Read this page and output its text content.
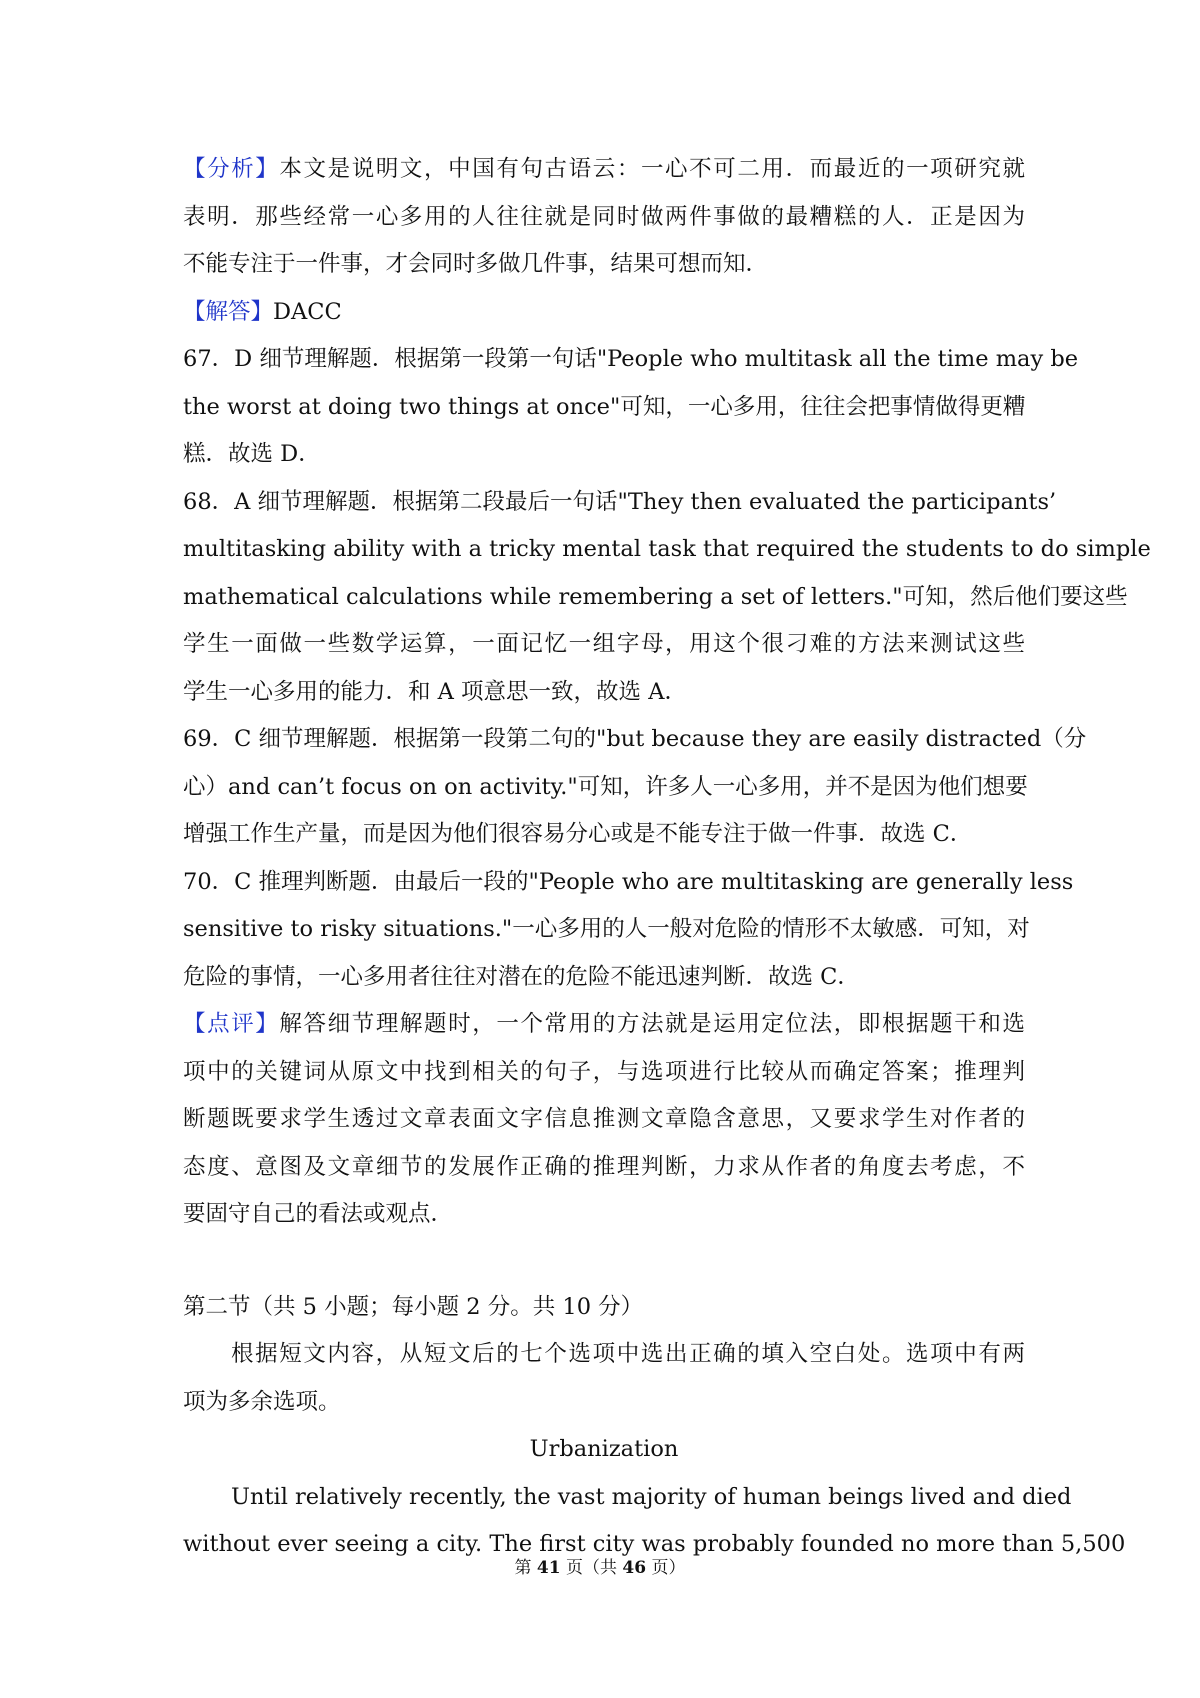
【分析】本文是说明文，中国有句古语云：一心不可二用．而最近的一项研究就
表明．那些经常一心多用的人往往就是同时做两件事做的最糟糕的人．正是因为
不能专注于一件事，才会同时多做几件事，结果可想而知．
【解答】DACC
67．D 细节理解题．根据第一段第一句话"People who multitask all the time may be
the worst at doing two things at once"可知，一心多用，往往会把事情做得更糟
糕．故选 D．
68．A 细节理解题．根据第二段最后一句话"They then evaluated the participants’
multitasking ability with a tricky mental task that required the students to do simple
mathematical calculations while remembering a set of letters."可知，然后他们要这些
学生一面做一些数学运算，一面记忆一组字母，用这个很刁难的方法来测试这些
学生一心多用的能力．和 A 项意思一致，故选 A．
69．C 细节理解题．根据第一段第二句的"but because they are easily distracted（分
心）and can’t focus on on activity."可知，许多人一心多用，并不是因为他们想要
增强工作生产量，而是因为他们很容易分心或是不能专注于做一件事．故选 C．
70．C 推理判断题．由最后一段的"People who are multitasking are generally less
sensitive to risky situations."一心多用的人一般对危险的情形不太敏感．可知，对
危险的事情，一心多用者往往对潜在的危险不能迅速判断．故选 C．
【点评】解答细节理解题时，一个常用的方法就是运用定位法，即根据题干和选
项中的关键词从原文中找到相关的句子，与选项进行比较从而确定答案；推理判
断题既要求学生透过文章表面文字信息推测文章隐含意思，又要求学生对作者的
态度、意图及文章细节的发展作正确的推理判断，力求从作者的角度去考虑，不
要固守自己的看法或观点．
第二节（共 5 小题；每小题 2 分。共 10 分）
根据短文内容，从短文后的七个选项中选出正确的填入空白处。选项中有两
项为多余选项。
Urbanization
Until relatively recently, the vast majority of human beings lived and died
without ever seeing a city. The first city was probably founded no more than 5,500
第 41 页（共 46 页）
